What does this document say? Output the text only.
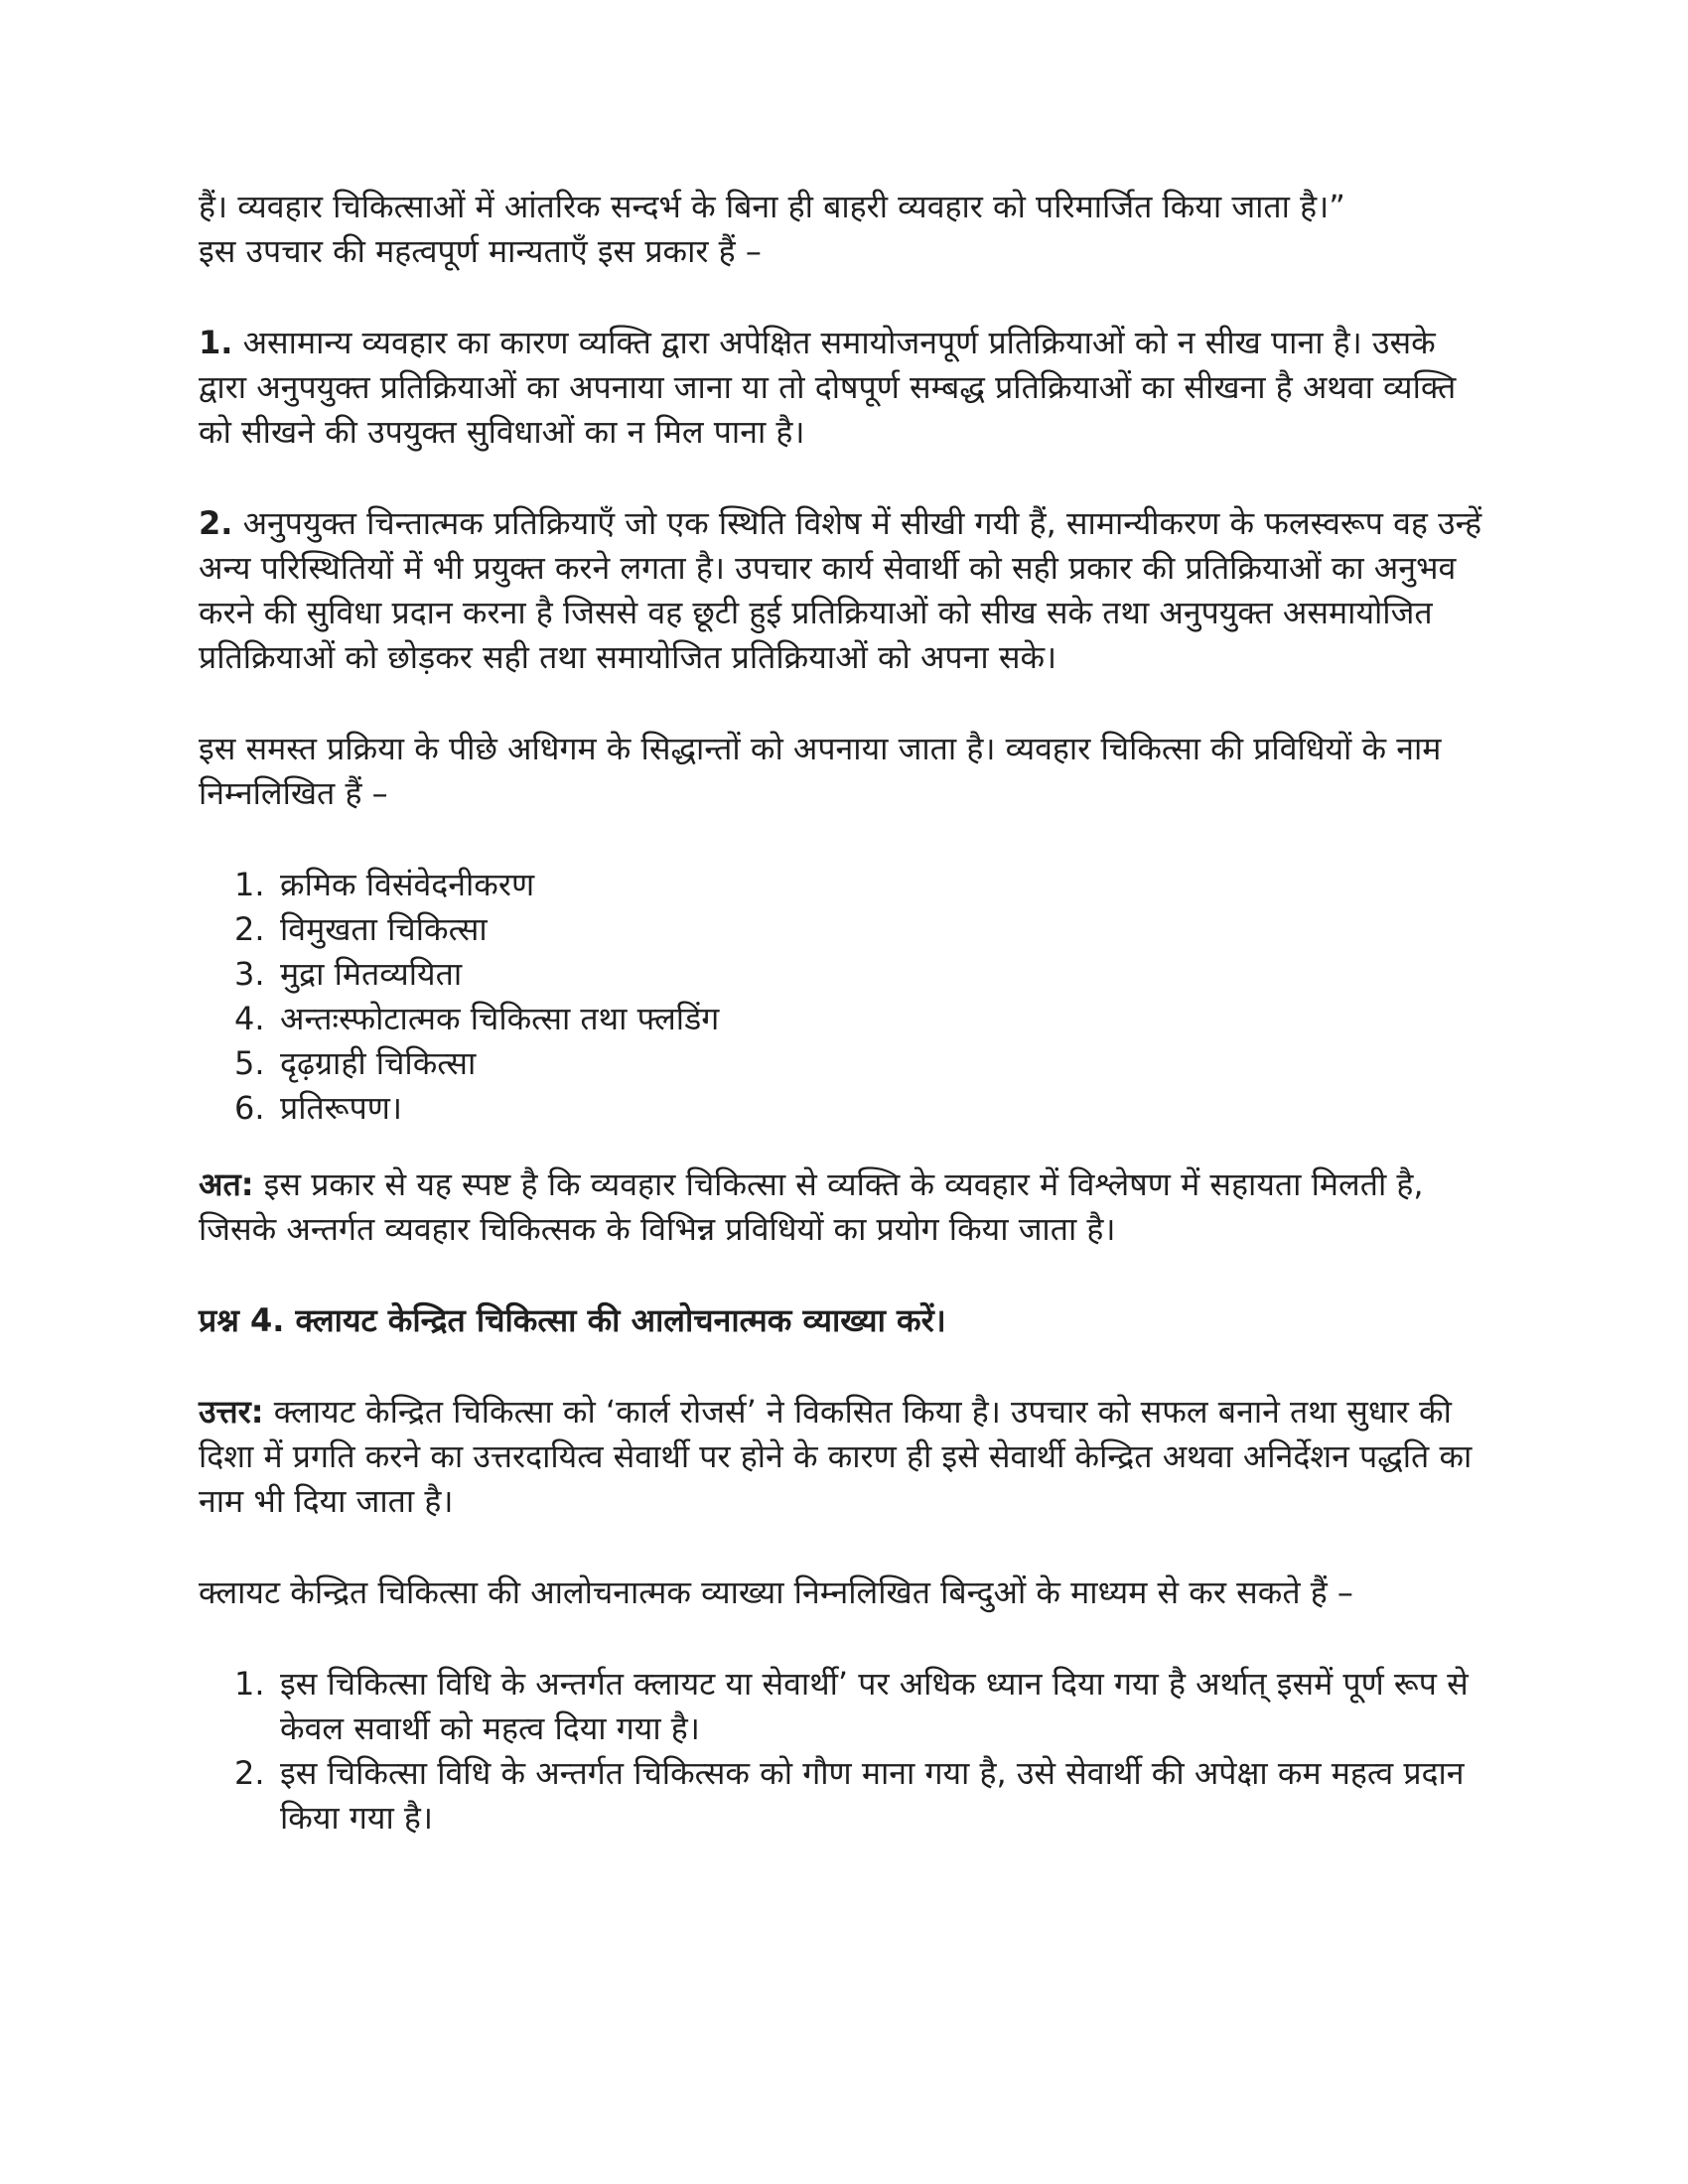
हैं। व्यवहार चिकित्साओं में आंतरिक सन्दर्भ के बिना ही बाहरी व्यवहार को परिमार्जित किया जाता है।”
इस उपचार की महत्वपूर्ण मान्यताएँ इस प्रकार हैं –

1. असामान्य व्यवहार का कारण व्यक्ति द्वारा अपेक्षित समायोजनपूर्ण प्रतिक्रियाओं को न सीख पाना है। उसके द्वारा अनुपयुक्त प्रतिक्रियाओं का अपनाया जाना या तो दोषपूर्ण सम्बद्ध प्रतिक्रियाओं का सीखना है अथवा व्यक्ति को सीखने की उपयुक्त सुविधाओं का न मिल पाना है।

2. अनुपयुक्त चिन्तात्मक प्रतिक्रियाएँ जो एक स्थिति विशेष में सीखी गयी हैं, सामान्यीकरण के फलस्वरूप वह उन्हें अन्य परिस्थितियों में भी प्रयुक्त करने लगता है। उपचार कार्य सेवार्थी को सही प्रकार की प्रतिक्रियाओं का अनुभव करने की सुविधा प्रदान करना है जिससे वह छूटी हुई प्रतिक्रियाओं को सीख सके तथा अनुपयुक्त असमायोजित प्रतिक्रियाओं को छोड़कर सही तथा समायोजित प्रतिक्रियाओं को अपना सके।

इस समस्त प्रक्रिया के पीछे अधिगम के सिद्धान्तों को अपनाया जाता है। व्यवहार चिकित्सा की प्रविधियों के नाम निम्नलिखित हैं –

1. क्रमिक विसंवेदनीकरण
2. विमुखता चिकित्सा
3. मुद्रा मितव्ययिता
4. अन्तःस्फोटात्मक चिकित्सा तथा फ्लडिंग
5. दृढ़ग्राही चिकित्सा
6. प्रतिरूपण।

अत: इस प्रकार से यह स्पष्ट है कि व्यवहार चिकित्सा से व्यक्ति के व्यवहार में विश्लेषण में सहायता मिलती है, जिसके अन्तर्गत व्यवहार चिकित्सक के विभिन्न प्रविधियों का प्रयोग किया जाता है।

प्रश्न 4. क्लायट केन्द्रित चिकित्सा की आलोचनात्मक व्याख्या करें।

उत्तर: क्लायट केन्द्रित चिकित्सा को ‘कार्ल रोजर्स’ ने विकसित किया है। उपचार को सफल बनाने तथा सुधार की दिशा में प्रगति करने का उत्तरदायित्व सेवार्थी पर होने के कारण ही इसे सेवार्थी केन्द्रित अथवा अनिर्देशन पद्धति का नाम भी दिया जाता है।

क्लायट केन्द्रित चिकित्सा की आलोचनात्मक व्याख्या निम्नलिखित बिन्दुओं के माध्यम से कर सकते हैं –

1. इस चिकित्सा विधि के अन्तर्गत क्लायट या सेवार्थी’ पर अधिक ध्यान दिया गया है अर्थात् इसमें पूर्ण रूप से केवल सवार्थी को महत्व दिया गया है।
2. इस चिकित्सा विधि के अन्तर्गत चिकित्सक को गौण माना गया है, उसे सेवार्थी की अपेक्षा कम महत्व प्रदान किया गया है।
